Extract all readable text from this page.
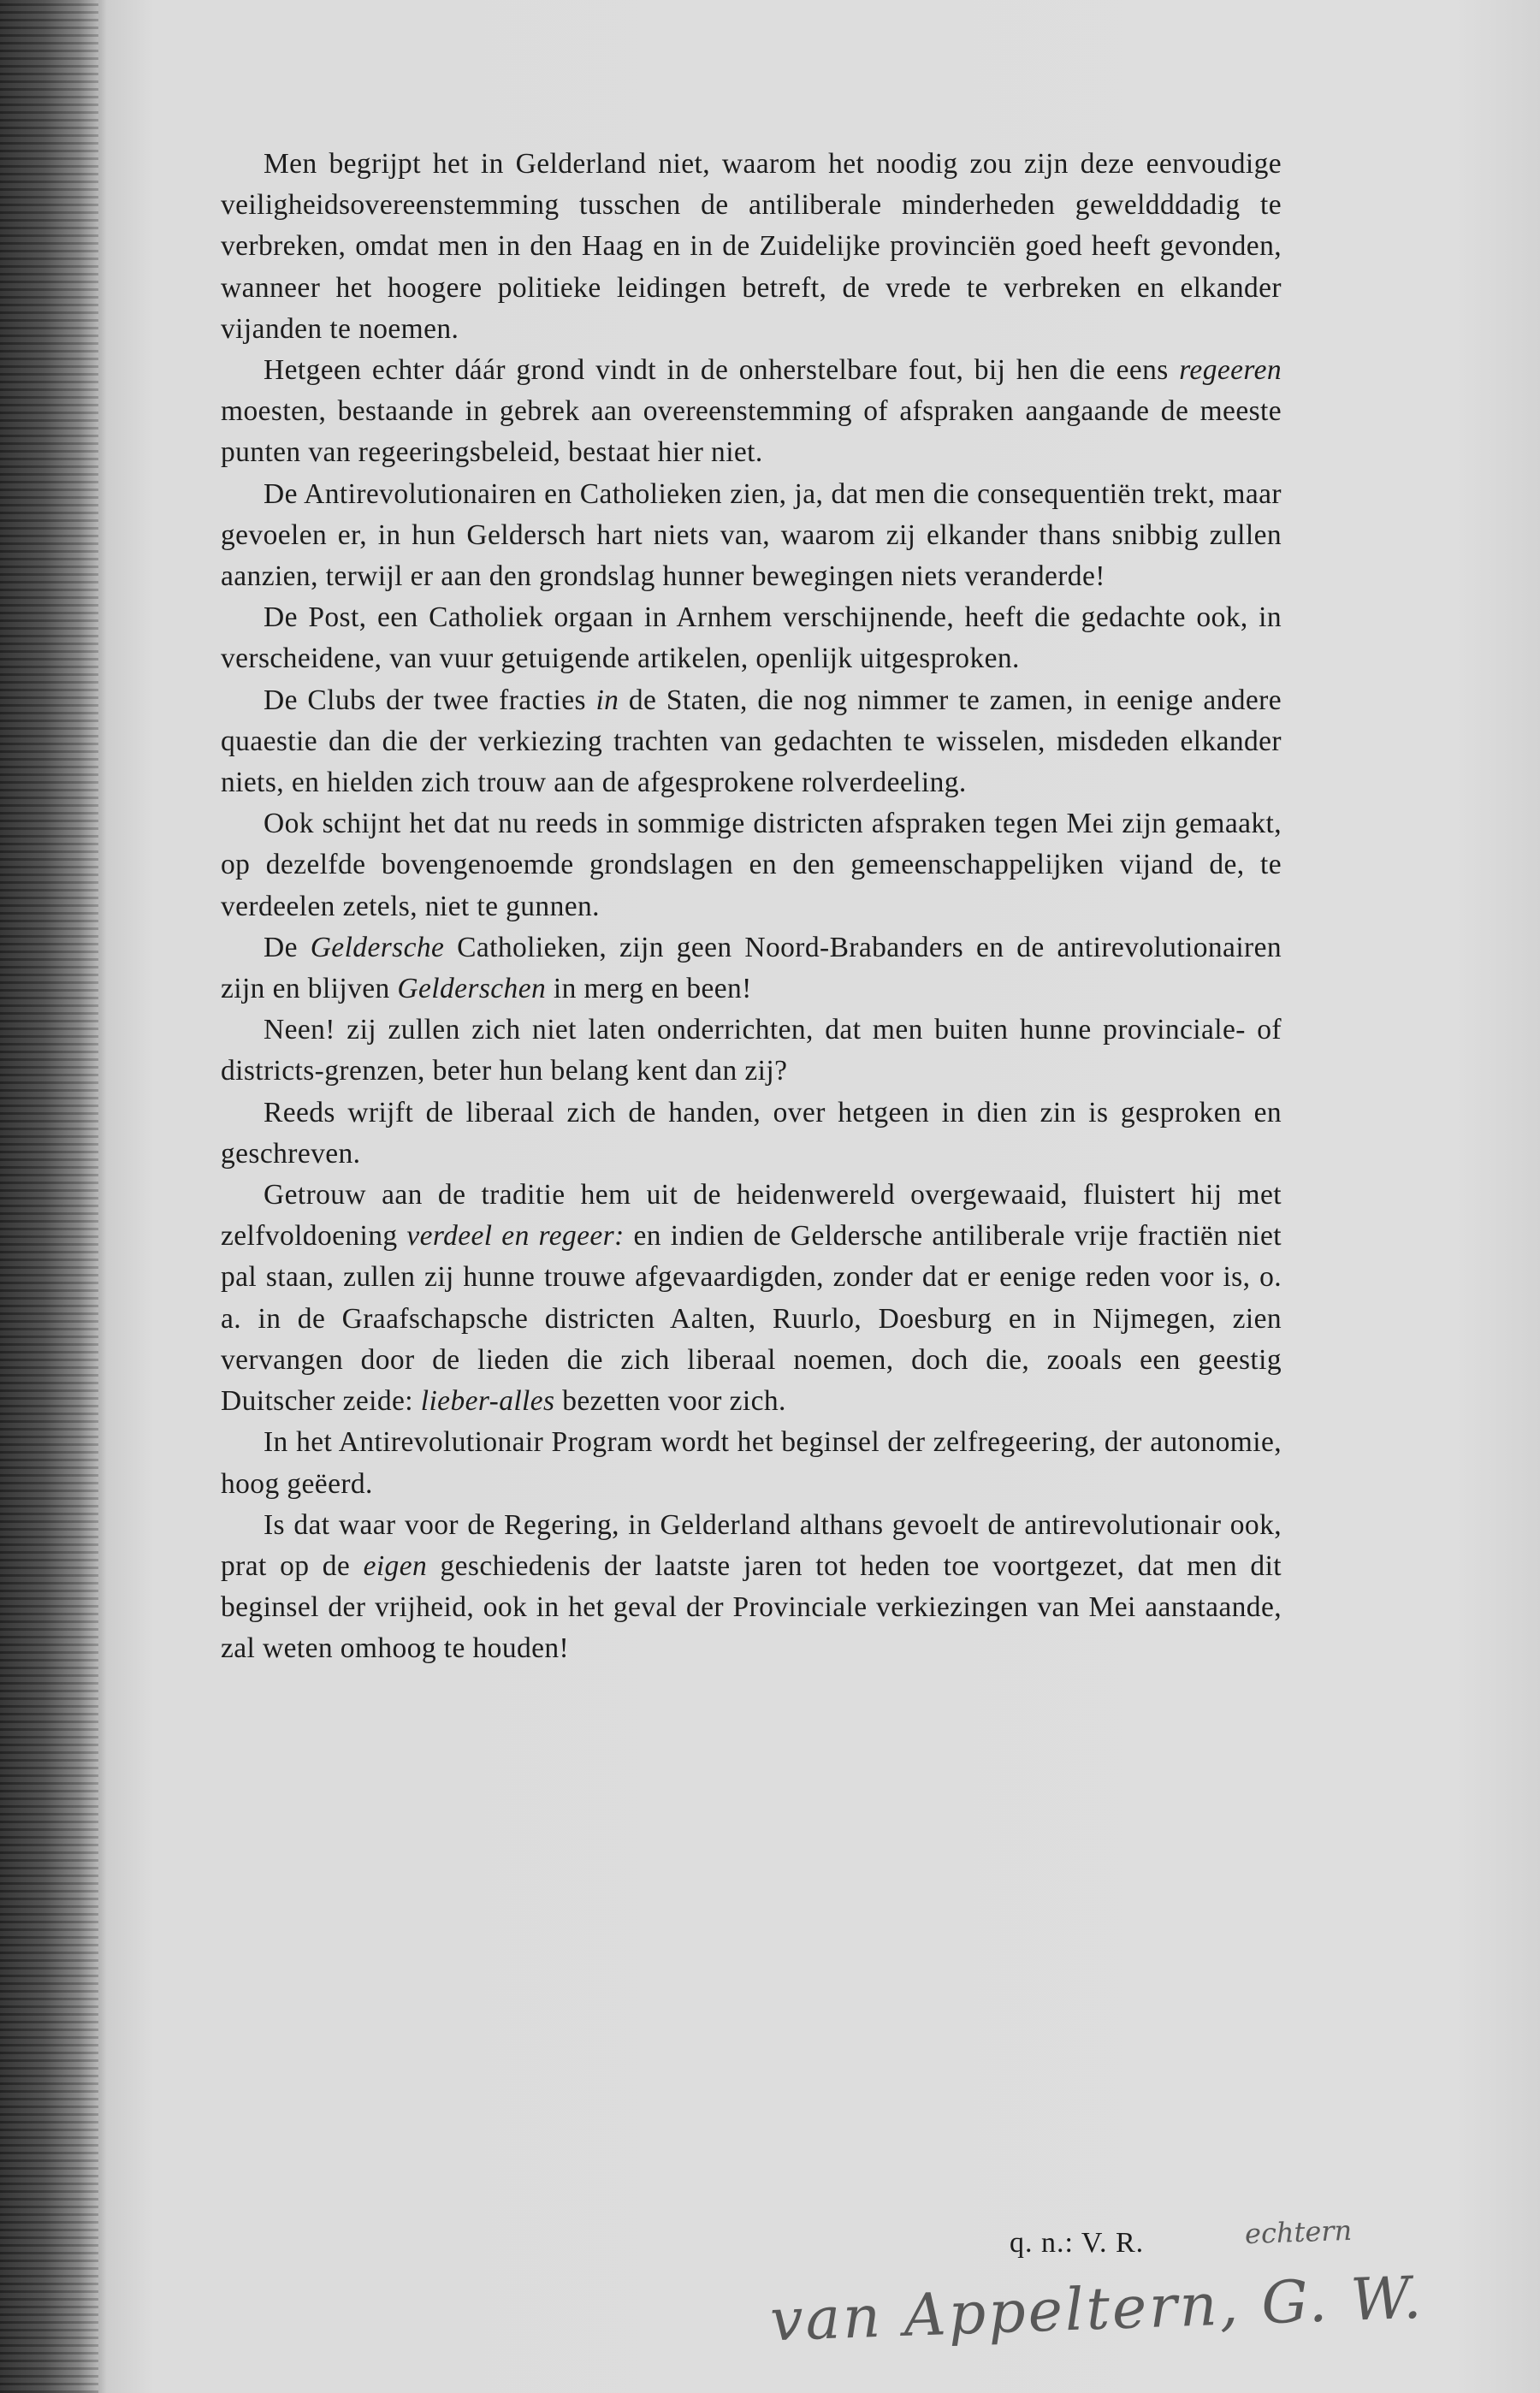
Men begrijpt het in Gelderland niet, waarom het noodig zou zijn deze eenvoudige veiligheidsovereenstemming tusschen de antiliberale minderheden geweldddadig te verbreken, omdat men in den Haag en in de Zuidelijke provinciën goed heeft gevonden, wanneer het hoogere politieke leidingen betreft, de vrede te verbreken en elkander vijanden te noemen.

Hetgeen echter dáár grond vindt in de onherstelbare fout, bij hen die eens regeeren moesten, bestaande in gebrek aan overeenstemming of afspraken aangaande de meeste punten van regeeringsbeleid, bestaat hier niet.

De Antirevolutionairen en Catholieken zien, ja, dat men die consequentiën trekt, maar gevoelen er, in hun Geldersch hart niets van, waarom zij elkander thans snibbig zullen aanzien, terwijl er aan den grondslag hunner bewegingen niets veranderde!

De Post, een Catholiek orgaan in Arnhem verschijnende, heeft die gedachte ook, in verscheidene, van vuur getuigende artikelen, openlijk uitgesproken.

De Clubs der twee fracties in de Staten, die nog nimmer te zamen, in eenige andere quaestie dan die der verkiezing trachten van gedachten te wisselen, misdeden elkander niets, en hielden zich trouw aan de afgesprokene rolverdeeling.

Ook schijnt het dat nu reeds in sommige districten afspraken tegen Mei zijn gemaakt, op dezelfde bovengenoemde grondslagen en den gemeenschappelijken vijand de, te verdeelen zetels, niet te gunnen.

De Geldersche Catholieken, zijn geen Noord-Brabanders en de antirevolutionairen zijn en blijven Gelderschen in merg en been!

Neen! zij zullen zich niet laten onderrichten, dat men buiten hunne provinciale- of districts-grenzen, beter hun belang kent dan zij?

Reeds wrijft de liberaal zich de handen, over hetgeen in dien zin is gesproken en geschreven.

Getrouw aan de traditie hem uit de heidenwereld overgewaaid, fluistert hij met zelfvoldoening verdeel en regeer: en indien de Geldersche antiliberale vrije fractiën niet pal staan, zullen zij hunne trouwe afgevaardigden, zonder dat er eenige reden voor is, o. a. in de Graafschapsche districten Aalten, Ruurlo, Doesburg en in Nijmegen, zien vervangen door de lieden die zich liberaal noemen, doch die, zooals een geestig Duitscher zeide: lieber-alles bezetten voor zich.

In het Antirevolutionair Program wordt het beginsel der zelfregeering, der autonomie, hoog geëerd.

Is dat waar voor de Regering, in Gelderland althans gevoelt de antirevolutionair ook, prat op de eigen geschiedenis der laatste jaren tot heden toe voortgezet, dat men dit beginsel der vrijheid, ook in het geval der Provinciale verkiezingen van Mei aanstaande, zal weten omhoog te houden!

q. n.: V. R.	echtern
van Appeltern, G. W.
